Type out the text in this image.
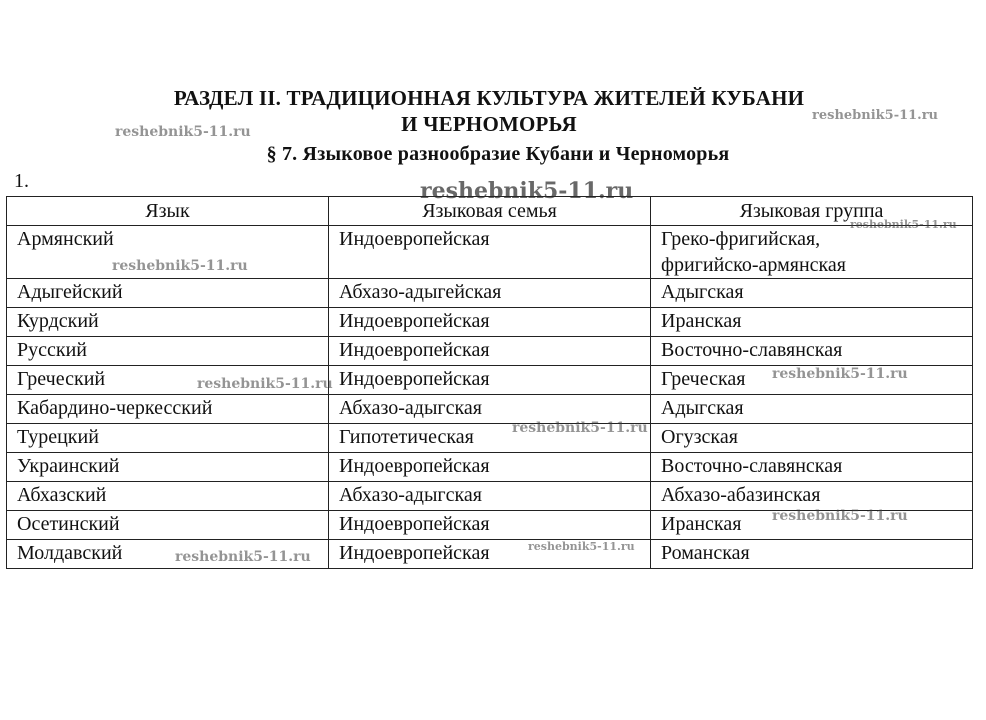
РАЗДЕЛ II. ТРАДИЦИОННАЯ КУЛЬТУРА ЖИТЕЛЕЙ КУБАНИ
И ЧЕРНОМОРЬЯ
§ 7. Языковое разнообразие Кубани и Черноморья
1.
Язык	Языковая семья	Языковая группа
Армянский	Индоевропейская	Греко-фригийская,
фригийско-армянская
Адыгейский	Абхазо-адыгейская	Адыгская
Курдский	Индоевропейская	Иранская
Русский	Индоевропейская	Восточно-славянская
Греческий	Индоевропейская	Греческая
Кабардино-черкесский	Абхазо-адыгская	Адыгская
Турецкий	Гипотетическая	Огузская
Украинский	Индоевропейская	Восточно-славянская
Абхазский	Абхазо-адыгская	Абхазо-абазинская
Осетинский	Индоевропейская	Иранская
Молдавский	Индоевропейская	Романская
reshebnik5-11.ru
reshebnik5-11.ru
reshebnik5-11.ru
reshebnik5-11.ru
reshebnik5-11.ru
reshebnik5-11.ru
reshebnik5-11.ru
reshebnik5-11.ru
reshebnik5-11.ru
reshebnik5-11.ru
reshebnik5-11.ru
